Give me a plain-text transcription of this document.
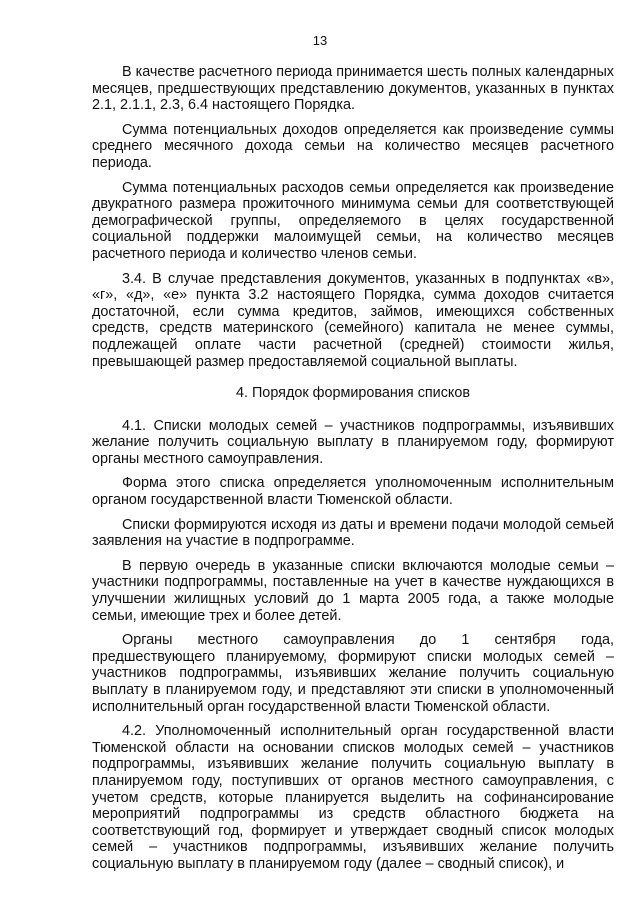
13

В качестве расчетного периода принимается шесть полных календарных месяцев, предшествующих представлению документов, указанных в пунктах 2.1, 2.1.1, 2.3, 6.4 настоящего Порядка.

Сумма потенциальных доходов определяется как произведение суммы среднего месячного дохода семьи на количество месяцев расчетного периода.

Сумма потенциальных расходов семьи определяется как произведение двукратного размера прожиточного минимума семьи для соответствующей демографической группы, определяемого в целях государственной социальной поддержки малоимущей семьи, на количество месяцев расчетного периода и количество членов семьи.

3.4. В случае представления документов, указанных в подпунктах «в», «г», «д», «е» пункта 3.2 настоящего Порядка, сумма доходов считается достаточной, если сумма кредитов, займов, имеющихся собственных средств, средств материнского (семейного) капитала не менее суммы, подлежащей оплате части расчетной (средней) стоимости жилья, превышающей размер предоставляемой социальной выплаты.

4. Порядок формирования списков

4.1. Списки молодых семей – участников подпрограммы, изъявивших желание получить социальную выплату в планируемом году, формируют органы местного самоуправления.

Форма этого списка определяется уполномоченным исполнительным органом государственной власти Тюменской области.

Списки формируются исходя из даты и времени подачи молодой семьей заявления на участие в подпрограмме.

В первую очередь в указанные списки включаются молодые семьи – участники подпрограммы, поставленные на учет в качестве нуждающихся в улучшении жилищных условий до 1 марта 2005 года, а также молодые семьи, имеющие трех и более детей.

Органы местного самоуправления до 1 сентября года, предшествующего планируемому, формируют списки молодых семей – участников подпрограммы, изъявивших желание получить социальную выплату в планируемом году, и представляют эти списки в уполномоченный исполнительный орган государственной власти Тюменской области.

4.2. Уполномоченный исполнительный орган государственной власти Тюменской области на основании списков молодых семей – участников подпрограммы, изъявивших желание получить социальную выплату в планируемом году, поступивших от органов местного самоуправления, с учетом средств, которые планируется выделить на софинансирование мероприятий подпрограммы из средств областного бюджета на соответствующий год, формирует и утверждает сводный список молодых семей – участников подпрограммы, изъявивших желание получить социальную выплату в планируемом году (далее – сводный список), и
